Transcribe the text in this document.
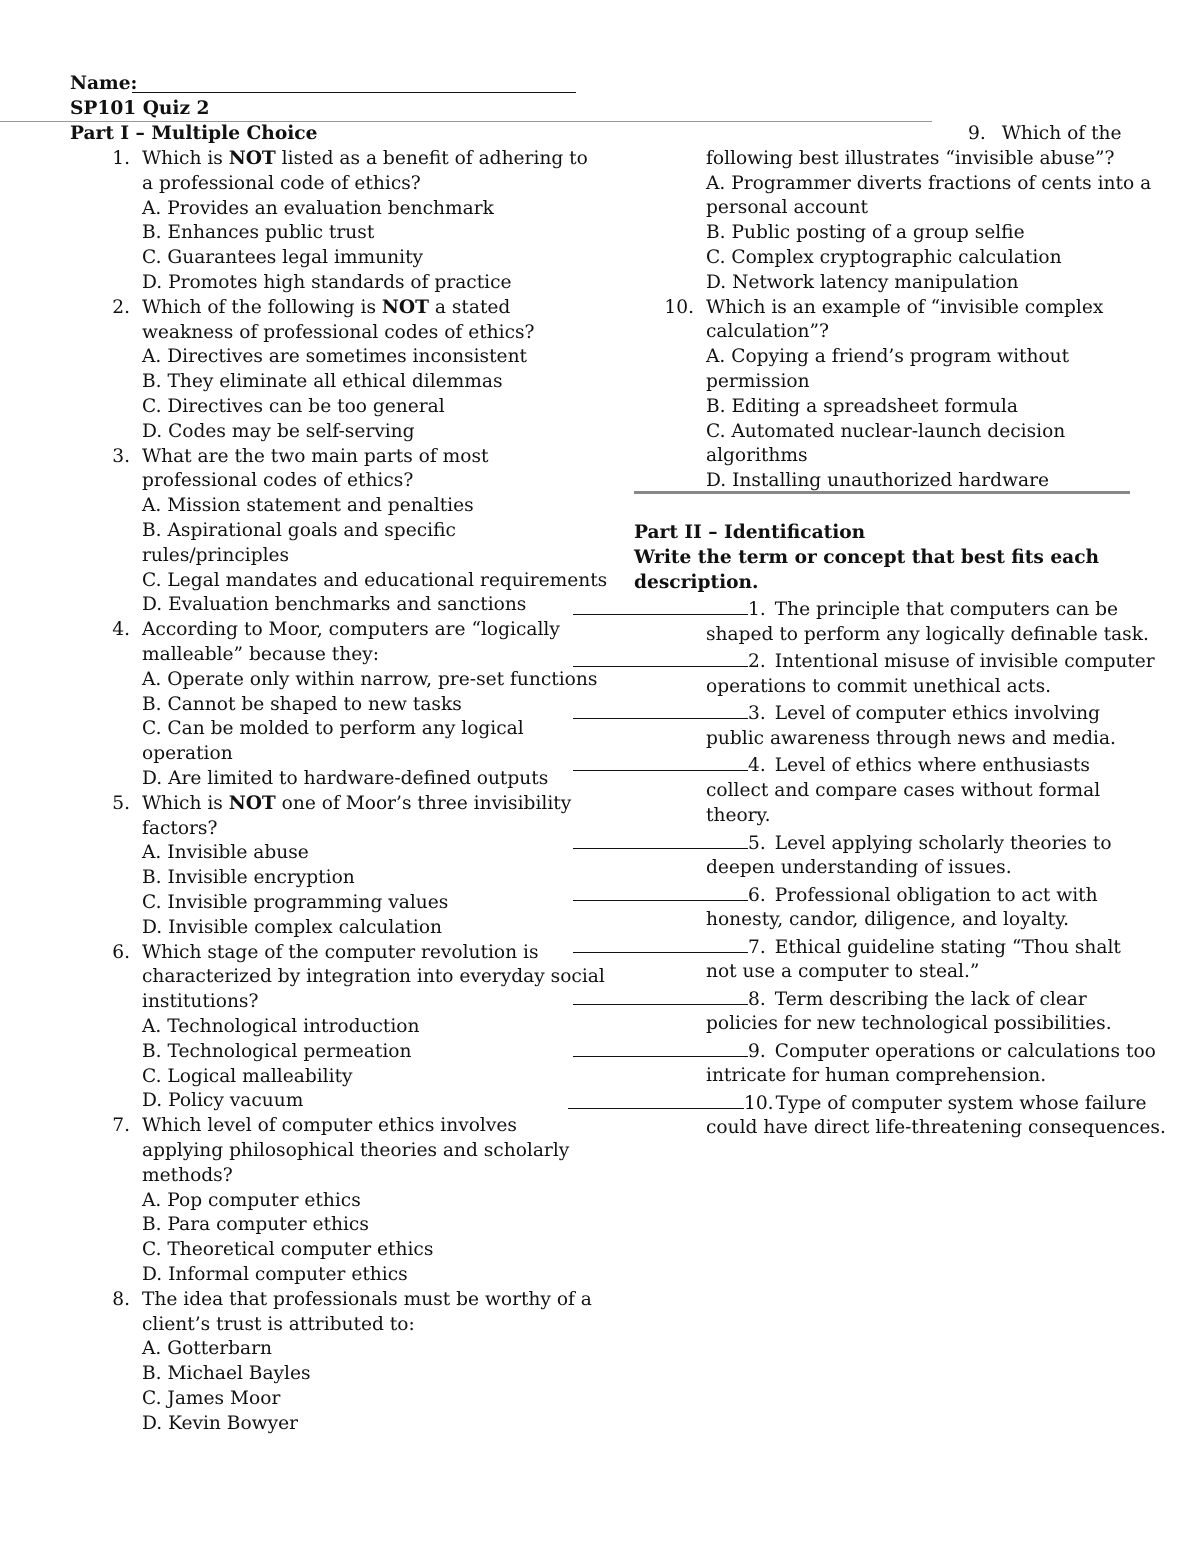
Name:
SP101 Quiz 2
Part I – Multiple Choice
1. Which is NOT listed as a benefit of adhering to
a professional code of ethics?
A. Provides an evaluation benchmark
B. Enhances public trust
C. Guarantees legal immunity
D. Promotes high standards of practice
2. Which of the following is NOT a stated
weakness of professional codes of ethics?
A. Directives are sometimes inconsistent
B. They eliminate all ethical dilemmas
C. Directives can be too general
D. Codes may be self-serving
3. What are the two main parts of most
professional codes of ethics?
A. Mission statement and penalties
B. Aspirational goals and specific
rules/principles
C. Legal mandates and educational requirements
D. Evaluation benchmarks and sanctions
4. According to Moor, computers are “logically
malleable” because they:
A. Operate only within narrow, pre-set functions
B. Cannot be shaped to new tasks
C. Can be molded to perform any logical
operation
D. Are limited to hardware-defined outputs
5. Which is NOT one of Moor’s three invisibility
factors?
A. Invisible abuse
B. Invisible encryption
C. Invisible programming values
D. Invisible complex calculation
6. Which stage of the computer revolution is
characterized by integration into everyday social
institutions?
A. Technological introduction
B. Technological permeation
C. Logical malleability
D. Policy vacuum
7. Which level of computer ethics involves
applying philosophical theories and scholarly
methods?
A. Pop computer ethics
B. Para computer ethics
C. Theoretical computer ethics
D. Informal computer ethics
8. The idea that professionals must be worthy of a
client’s trust is attributed to:
A. Gotterbarn
B. Michael Bayles
C. James Moor
D. Kevin Bowyer
9. Which of the
following best illustrates “invisible abuse”?
A. Programmer diverts fractions of cents into a
personal account
B. Public posting of a group selfie
C. Complex cryptographic calculation
D. Network latency manipulation
10. Which is an example of “invisible complex
calculation”?
A. Copying a friend’s program without
permission
B. Editing a spreadsheet formula
C. Automated nuclear-launch decision
algorithms
D. Installing unauthorized hardware
Part II – Identification
Write the term or concept that best fits each
description.
1. The principle that computers can be
shaped to perform any logically definable task.
2. Intentional misuse of invisible computer
operations to commit unethical acts.
3. Level of computer ethics involving
public awareness through news and media.
4. Level of ethics where enthusiasts
collect and compare cases without formal
theory.
5. Level applying scholarly theories to
deepen understanding of issues.
6. Professional obligation to act with
honesty, candor, diligence, and loyalty.
7. Ethical guideline stating “Thou shalt
not use a computer to steal.”
8. Term describing the lack of clear
policies for new technological possibilities.
9. Computer operations or calculations too
intricate for human comprehension.
10. Type of computer system whose failure
could have direct life-threatening consequences.
